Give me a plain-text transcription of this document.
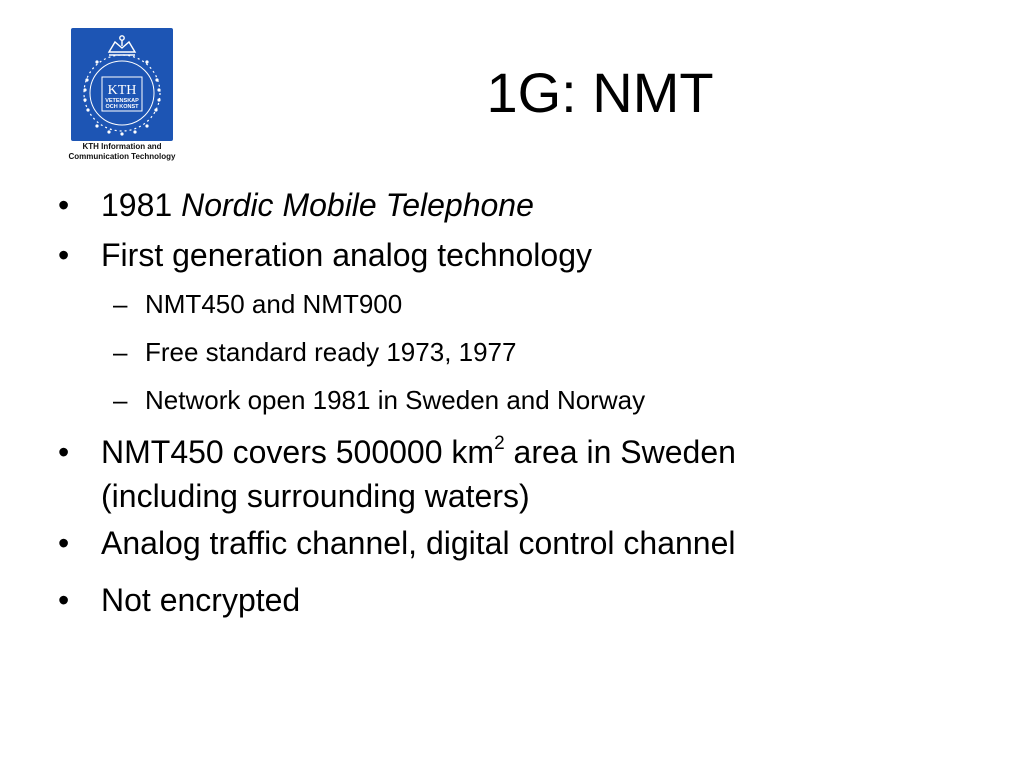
KTH
VETENSKAP
OCH KONST
KTH Information and
Communication Technology
1G: NMT
• 1981 Nordic Mobile Telephone
• First generation analog technology
– NMT450 and NMT900
– Free standard ready 1973, 1977
– Network open 1981 in Sweden and Norway
• NMT450 covers 500000 $km^2$ area in Sweden
(including surrounding waters)
• Analog traffic channel, digital control channel
• Not encrypted
